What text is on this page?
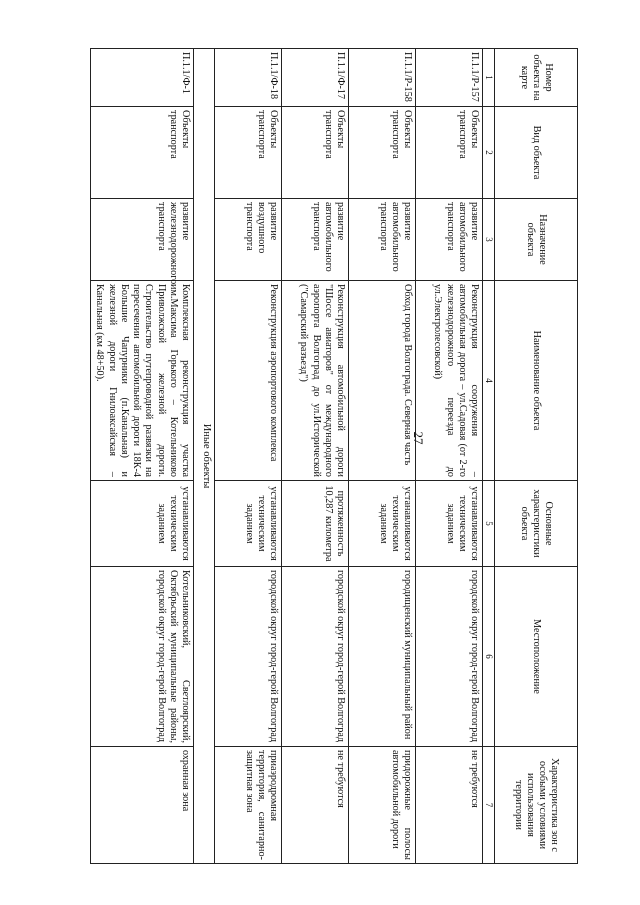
27
Номер объекта на карте	Вид объекта	Назначение объекта	Наименование объекта	Основные характеристики объекта	Местоположение	Характеристика зон с особыми условиями использования территории
1	2	3	4	5	6	7
П.1.1/Р-157	Объекты транспорта	развитие автомобильного транспорта	Реконструкция сооружения – автомобильная дорога – ул.Садовая (от 2-го железнодорожного переезда до ул.Электролесовской)	устанавливаются техническим заданием	городской округ город-герой Волгоград	не требуются
П.1.1/Р-158	Объекты транспорта	развитие автомобильного транспорта	Обход города Волгограда. Северная часть	устанавливаются техническим заданием	городищенский муниципальный район	придорожные полосы автомобильной дороги
П.1.1/Ф-17	Объекты транспорта	развитие автомобильного транспорта	Реконструкция автомобильной дороги "Шоссе авиаторов" от международного аэропорта Волгоград до ул.Исторической ("Самарский разъезд")	протяженность 10,287 километра	городской округ город-герой Волгоград	не требуются
П.1.1/Ф-18	Объекты транспорта	развитие воздушного транспорта	Реконструкция аэропортового комплекса	устанавливаются техническим заданием	городской округ город-герой Волгоград	приаэродромная территория, санитарно-защитная зона
Иные объекты						
П.1.1/Ф-1	Объекты транспорта	развитие железнодорожного транспорта	Комплексная реконструкция участка им.Максима Горького – Котельниково Приволжской железной дороги. Строительство путепроводной развязки на пересечении автомобильной дороги 18К-4 Большие Чапурники (п.Канальная) и железной дороги Гнилоаксайская – Канальная (км 48+50).	устанавливаются техническим заданием	Котельниковский, Светлоярский, Октябрьский муниципальные районы, городской округ город-герой Волгоград	охранная зона
